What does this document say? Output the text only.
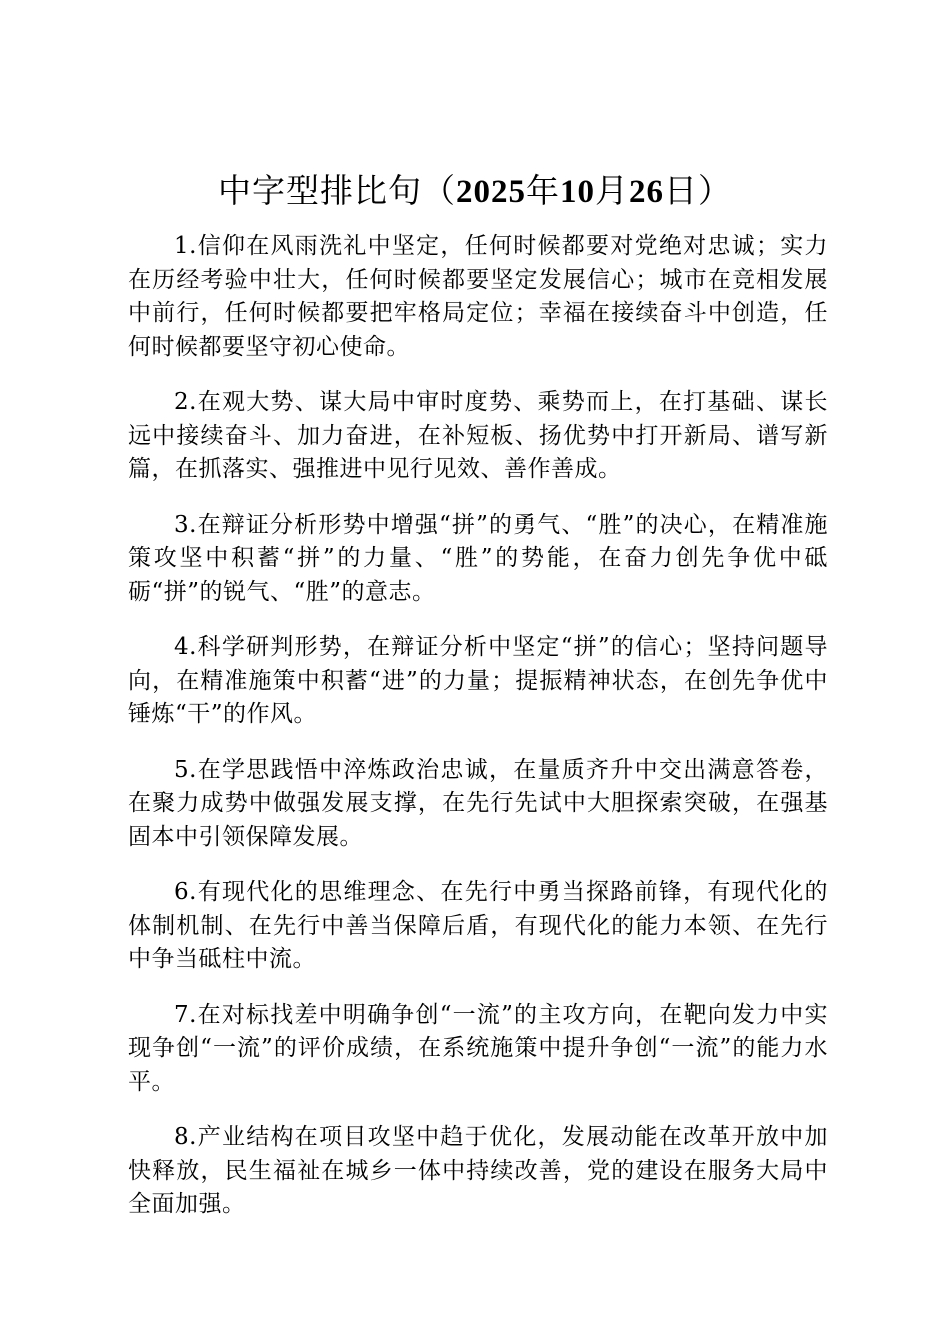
中字型排比句（2025年10月26日）

1.信仰在风雨洗礼中坚定，任何时候都要对党绝对忠诚；实力在历经考验中壮大，任何时候都要坚定发展信心；城市在竞相发展中前行，任何时候都要把牢格局定位；幸福在接续奋斗中创造，任何时候都要坚守初心使命。

2.在观大势、谋大局中审时度势、乘势而上，在打基础、谋长远中接续奋斗、加力奋进，在补短板、扬优势中打开新局、谱写新篇，在抓落实、强推进中见行见效、善作善成。

3.在辩证分析形势中增强“拼”的勇气、“胜”的决心，在精准施策攻坚中积蓄“拼”的力量、“胜”的势能，在奋力创先争优中砥砺“拼”的锐气、“胜”的意志。

4.科学研判形势，在辩证分析中坚定“拼”的信心；坚持问题导向，在精准施策中积蓄“进”的力量；提振精神状态，在创先争优中锤炼“干”的作风。

5.在学思践悟中淬炼政治忠诚，在量质齐升中交出满意答卷，在聚力成势中做强发展支撑，在先行先试中大胆探索突破，在强基固本中引领保障发展。

6.有现代化的思维理念、在先行中勇当探路前锋，有现代化的体制机制、在先行中善当保障后盾，有现代化的能力本领、在先行中争当砥柱中流。

7.在对标找差中明确争创“一流”的主攻方向，在靶向发力中实现争创“一流”的评价成绩，在系统施策中提升争创“一流”的能力水平。

8.产业结构在项目攻坚中趋于优化，发展动能在改革开放中加快释放，民生福祉在城乡一体中持续改善，党的建设在服务大局中全面加强。
